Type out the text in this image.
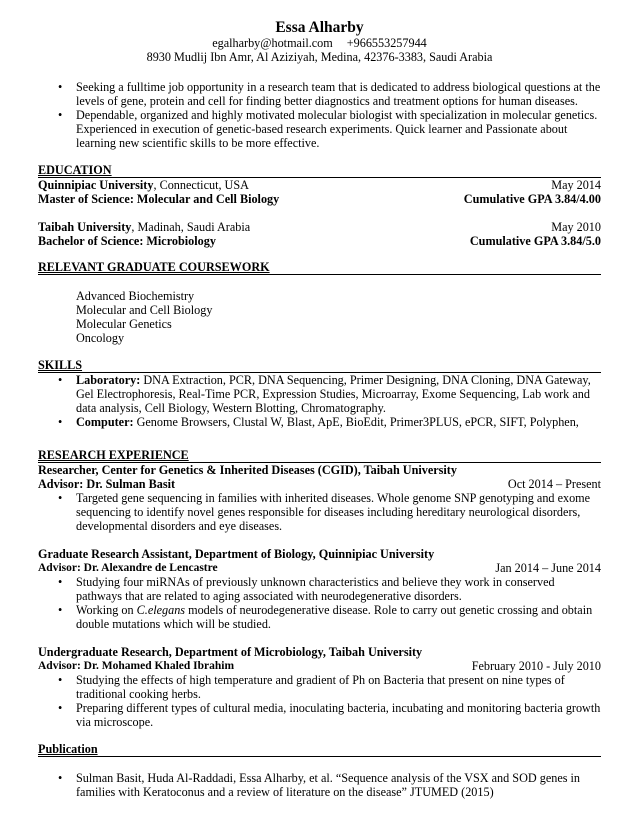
Essa Alharby
egalharby@hotmail.com +966553257944
8930 Mudlij Ibn Amr, Al Aziziyah, Medina, 42376-3383, Saudi Arabia
• Seeking a fulltime job opportunity in a research team that is dedicated to address biological questions at the levels of gene, protein and cell for finding better diagnostics and treatment options for human diseases.
• Dependable, organized and highly motivated molecular biologist with specialization in molecular genetics. Experienced in execution of genetic-based research experiments. Quick learner and Passionate about learning new scientific skills to be more effective.
EDUCATION
Quinnipiac University, Connecticut, USA	May 2014
Master of Science: Molecular and Cell Biology	Cumulative GPA 3.84/4.00
Taibah University, Madinah, Saudi Arabia	May 2010
Bachelor of Science: Microbiology	Cumulative GPA 3.84/5.0
RELEVANT GRADUATE COURSEWORK
Advanced Biochemistry
Molecular and Cell Biology
Molecular Genetics
Oncology
SKILLS
• Laboratory: DNA Extraction, PCR, DNA Sequencing, Primer Designing, DNA Cloning, DNA Gateway, Gel Electrophoresis, Real-Time PCR, Expression Studies, Microarray, Exome Sequencing, Lab work and data analysis, Cell Biology, Western Blotting, Chromatography.
• Computer: Genome Browsers, Clustal W, Blast, ApE, BioEdit, Primer3PLUS, ePCR, SIFT, Polyphen,
RESEARCH EXPERIENCE
Researcher, Center for Genetics & Inherited Diseases (CGID), Taibah University
Advisor: Dr. Sulman Basit	Oct 2014 – Present
• Targeted gene sequencing in families with inherited diseases. Whole genome SNP genotyping and exome sequencing to identify novel genes responsible for diseases including hereditary neurological disorders, developmental disorders and eye diseases.
Graduate Research Assistant, Department of Biology, Quinnipiac University
Advisor: Dr. Alexandre de Lencastre	Jan 2014 – June 2014
• Studying four miRNAs of previously unknown characteristics and believe they work in conserved pathways that are related to aging associated with neurodegenerative disorders.
• Working on C.elegans models of neurodegenerative disease. Role to carry out genetic crossing and obtain double mutations which will be studied.
Undergraduate Research, Department of Microbiology, Taibah University
Advisor: Dr. Mohamed Khaled Ibrahim	February 2010 - July 2010
• Studying the effects of high temperature and gradient of Ph on Bacteria that present on nine types of traditional cooking herbs.
• Preparing different types of cultural media, inoculating bacteria, incubating and monitoring bacteria growth via microscope.
Publication
• Sulman Basit, Huda Al-Raddadi, Essa Alharby, et al. “Sequence analysis of the VSX and SOD genes in families with Keratoconus and a review of literature on the disease” JTUMED (2015)
